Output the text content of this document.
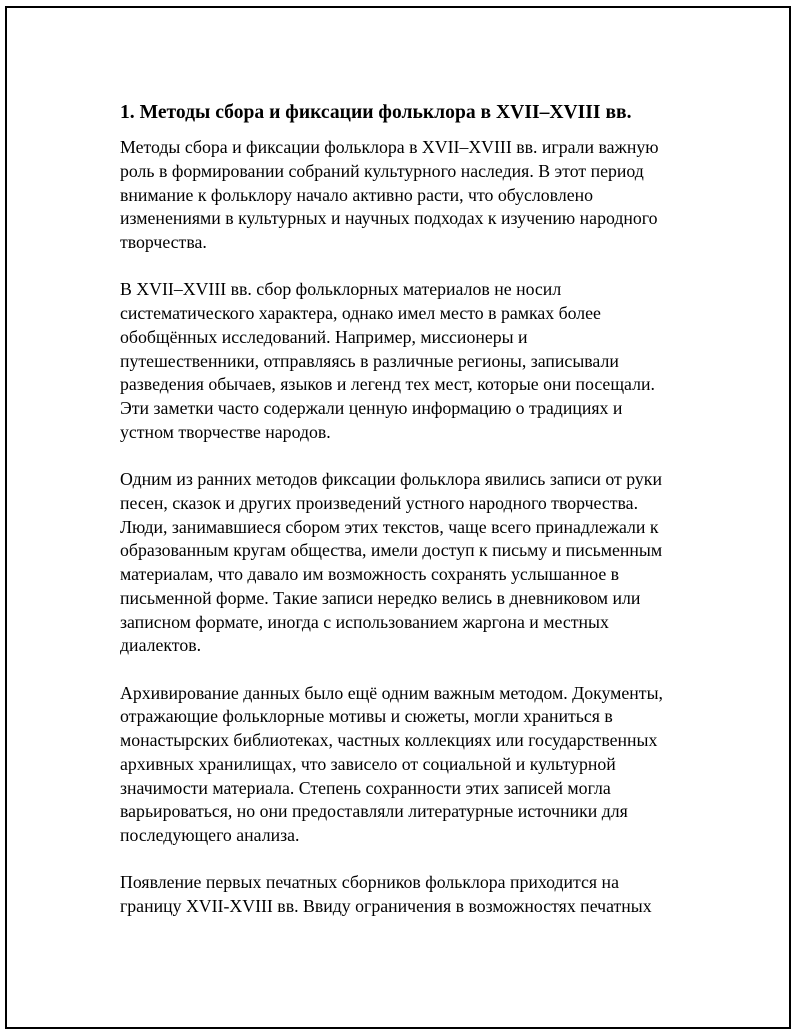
1. Методы сбора и фиксации фольклора в XVII–XVIII вв.
Методы сбора и фиксации фольклора в XVII–XVIII вв. играли важную
роль в формировании собраний культурного наследия. В этот период
внимание к фольклору начало активно расти, что обусловлено
изменениями в культурных и научных подходах к изучению народного
творчества.
В XVII–XVIII вв. сбор фольклорных материалов не носил
систематического характера, однако имел место в рамках более
обобщённых исследований. Например, миссионеры и
путешественники, отправляясь в различные регионы, записывали
разведения обычаев, языков и легенд тех мест, которые они посещали.
Эти заметки часто содержали ценную информацию о традициях и
устном творчестве народов.
Одним из ранних методов фиксации фольклора явились записи от руки
песен, сказок и других произведений устного народного творчества.
Люди, занимавшиеся сбором этих текстов, чаще всего принадлежали к
образованным кругам общества, имели доступ к письму и письменным
материалам, что давало им возможность сохранять услышанное в
письменной форме. Такие записи нередко велись в дневниковом или
записном формате, иногда с использованием жаргона и местных
диалектов.
Архивирование данных было ещё одним важным методом. Документы,
отражающие фольклорные мотивы и сюжеты, могли храниться в
монастырских библиотеках, частных коллекциях или государственных
архивных хранилищах, что зависело от социальной и культурной
значимости материала. Степень сохранности этих записей могла
варьироваться, но они предоставляли литературные источники для
последующего анализа.
Появление первых печатных сборников фольклора приходится на
границу XVII-XVIII вв. Ввиду ограничения в возможностях печатных
